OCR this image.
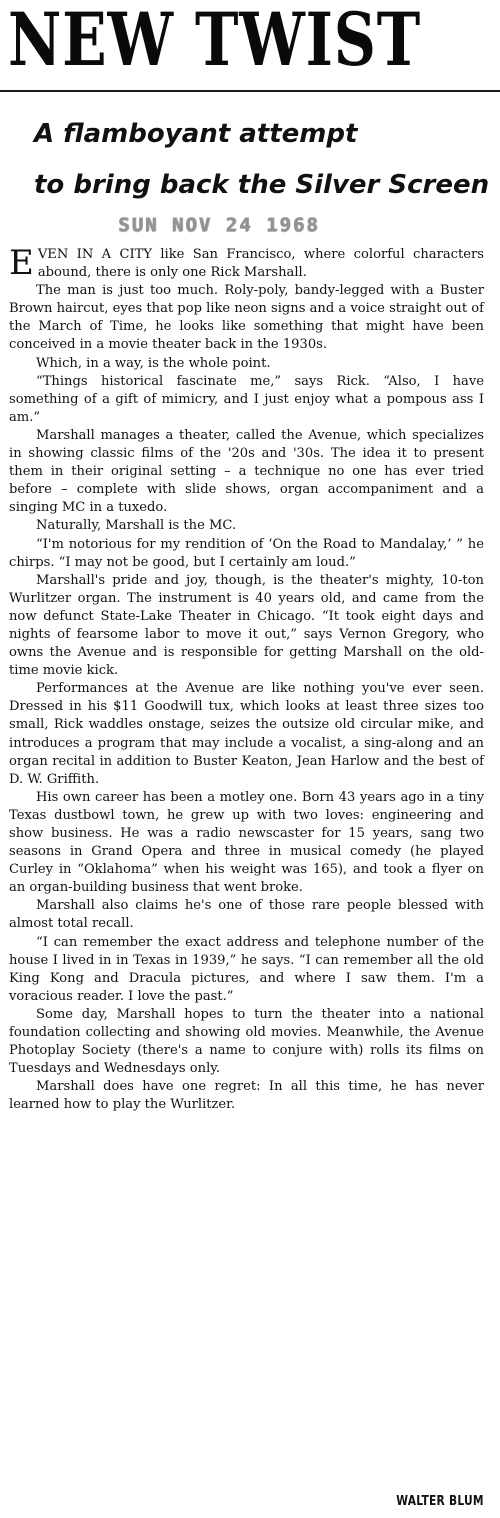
NEW TWIST
A flamboyant attempt
to bring back the Silver Screen
SUN NOV 24 1968

EVEN IN A CITY like San Francisco, where colorful characters abound, there is only one Rick Marshall.

The man is just too much. Roly-poly, bandy-legged with a Buster Brown haircut, eyes that pop like neon signs and a voice straight out of the March of Time, he looks like something that might have been conceived in a movie theater back in the 1930s.

Which, in a way, is the whole point.

“Things historical fascinate me,” says Rick. “Also, I have something of a gift of mimicry, and I just enjoy what a pompous ass I am.”

Marshall manages a theater, called the Avenue, which specializes in showing classic films of the '20s and '30s. The idea it to present them in their original setting – a technique no one has ever tried before – complete with slide shows, organ accompaniment and a singing MC in a tuxedo.

Naturally, Marshall is the MC.

“I'm notorious for my rendition of ‘On the Road to Mandalay,’ ” he chirps. “I may not be good, but I certainly am loud.”

Marshall's pride and joy, though, is the theater's mighty, 10-ton Wurlitzer organ. The instrument is 40 years old, and came from the now defunct State-Lake Theater in Chicago. “It took eight days and nights of fearsome labor to move it out,” says Vernon Gregory, who owns the Avenue and is responsible for getting Marshall on the old-time movie kick.

Performances at the Avenue are like nothing you've ever seen. Dressed in his $11 Goodwill tux, which looks at least three sizes too small, Rick waddles onstage, seizes the outsize old circular mike, and introduces a program that may include a vocalist, a sing-along and an organ recital in addition to Buster Keaton, Jean Harlow and the best of D. W. Griffith.

His own career has been a motley one. Born 43 years ago in a tiny Texas dustbowl town, he grew up with two loves: engineering and show business. He was a radio newscaster for 15 years, sang two seasons in Grand Opera and three in musical comedy (he played Curley in “Oklahoma” when his weight was 165), and took a flyer on an organ-building business that went broke.

Marshall also claims he's one of those rare people blessed with almost total recall.

“I can remember the exact address and telephone number of the house I lived in in Texas in 1939,” he says. “I can remember all the old King Kong and Dracula pictures, and where I saw them. I'm a voracious reader. I love the past.”

Some day, Marshall hopes to turn the theater into a national foundation collecting and showing old movies. Meanwhile, the Avenue Photoplay Society (there's a name to conjure with) rolls its films on Tuesdays and Wednesdays only.

Marshall does have one regret: In all this time, he has never learned how to play the Wurlitzer.

WALTER BLUM
